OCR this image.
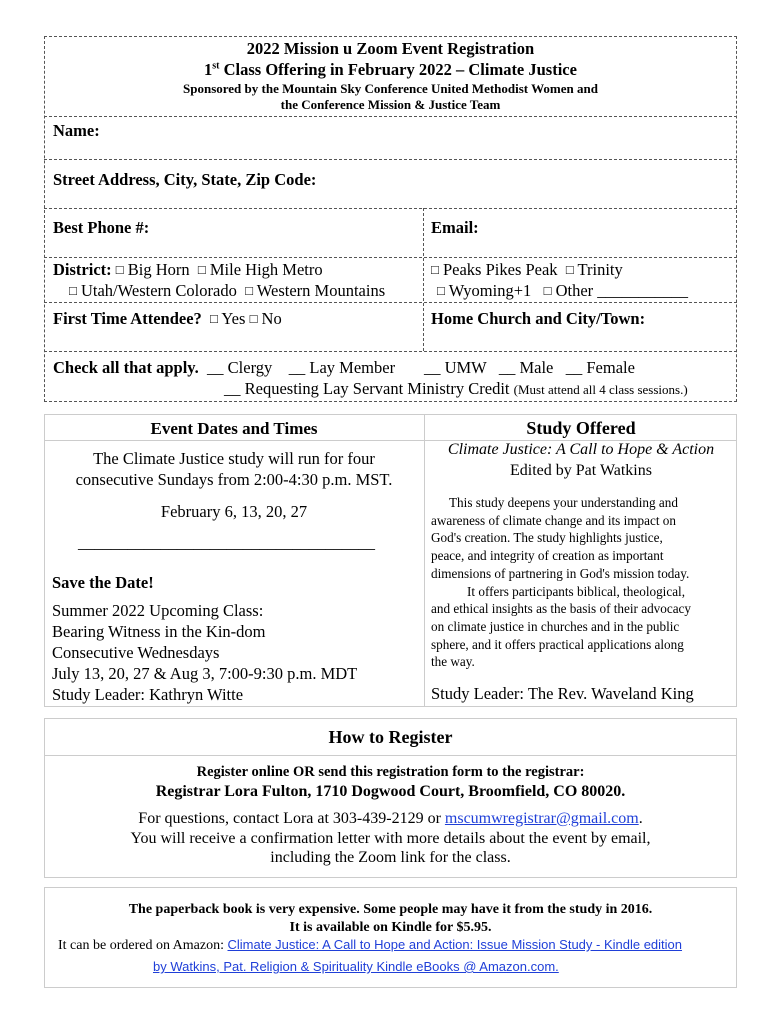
2022 Mission u Zoom Event Registration
1st Class Offering in February 2022 – Climate Justice
Sponsored by the Mountain Sky Conference United Methodist Women and
the Conference Mission & Justice Team
Name:
Street Address, City, State, Zip Code:
Best Phone #:	Email:
District: □ Big Horn □ Mile High Metro
□ Utah/Western Colorado □ Western Mountains
□ Peaks Pikes Peak □ Trinity
□ Wyoming+1 □ Other ___________
First Time Attendee? □ Yes □ No	Home Church and City/Town:
Check all that apply. __ Clergy __ Lay Member __ UMW __ Male __ Female
__ Requesting Lay Servant Ministry Credit (Must attend all 4 class sessions.)
Event Dates and Times
The Climate Justice study will run for four
consecutive Sundays from 2:00-4:30 p.m. MST.
February 6, 13, 20, 27
____________________________________
Save the Date!
Summer 2022 Upcoming Class:
Bearing Witness in the Kin-dom
Consecutive Wednesdays
July 13, 20, 27 & Aug 3, 7:00-9:30 p.m. MDT
Study Leader: Kathryn Witte
Study Offered
Climate Justice: A Call to Hope & Action
Edited by Pat Watkins
This study deepens your understanding and
awareness of climate change and its impact on
God's creation. The study highlights justice,
peace, and integrity of creation as important
dimensions of partnering in God's mission today.
It offers participants biblical, theological,
and ethical insights as the basis of their advocacy
on climate justice in churches and in the public
sphere, and it offers practical applications along
the way.
Study Leader: The Rev. Waveland King
How to Register
Register online OR send this registration form to the registrar:
Registrar Lora Fulton, 1710 Dogwood Court, Broomfield, CO 80020.
For questions, contact Lora at 303-439-2129 or mscumwregistrar@gmail.com.
You will receive a confirmation letter with more details about the event by email,
including the Zoom link for the class.
The paperback book is very expensive. Some people may have it from the study in 2016.
It is available on Kindle for $5.95.
It can be ordered on Amazon: Climate Justice: A Call to Hope and Action: Issue Mission Study - Kindle edition
by Watkins, Pat. Religion & Spirituality Kindle eBooks @ Amazon.com.
